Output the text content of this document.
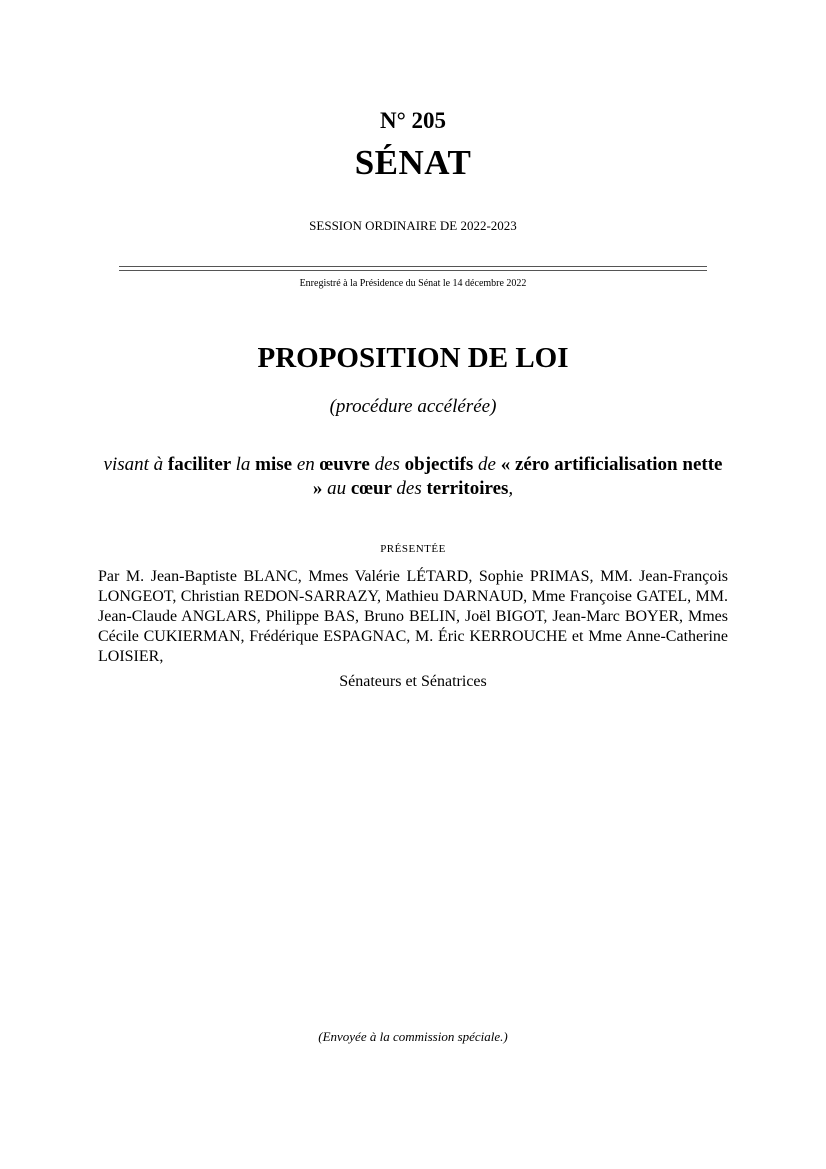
N° 205
SÉNAT
SESSION ORDINAIRE DE 2022-2023
Enregistré à la Présidence du Sénat le 14 décembre 2022
PROPOSITION DE LOI
(procédure accélérée)
visant à faciliter la mise en œuvre des objectifs de « zéro artificialisation nette » au cœur des territoires,
PRÉSENTÉE
Par M. Jean-Baptiste BLANC, Mmes Valérie LÉTARD, Sophie PRIMAS, MM. Jean-François LONGEOT, Christian REDON-SARRAZY, Mathieu DARNAUD, Mme Françoise GATEL, MM. Jean-Claude ANGLARS, Philippe BAS, Bruno BELIN, Joël BIGOT, Jean-Marc BOYER, Mmes Cécile CUKIERMAN, Frédérique ESPAGNAC, M. Éric KERROUCHE et Mme Anne-Catherine LOISIER,
Sénateurs et Sénatrices
(Envoyée à la commission spéciale.)
